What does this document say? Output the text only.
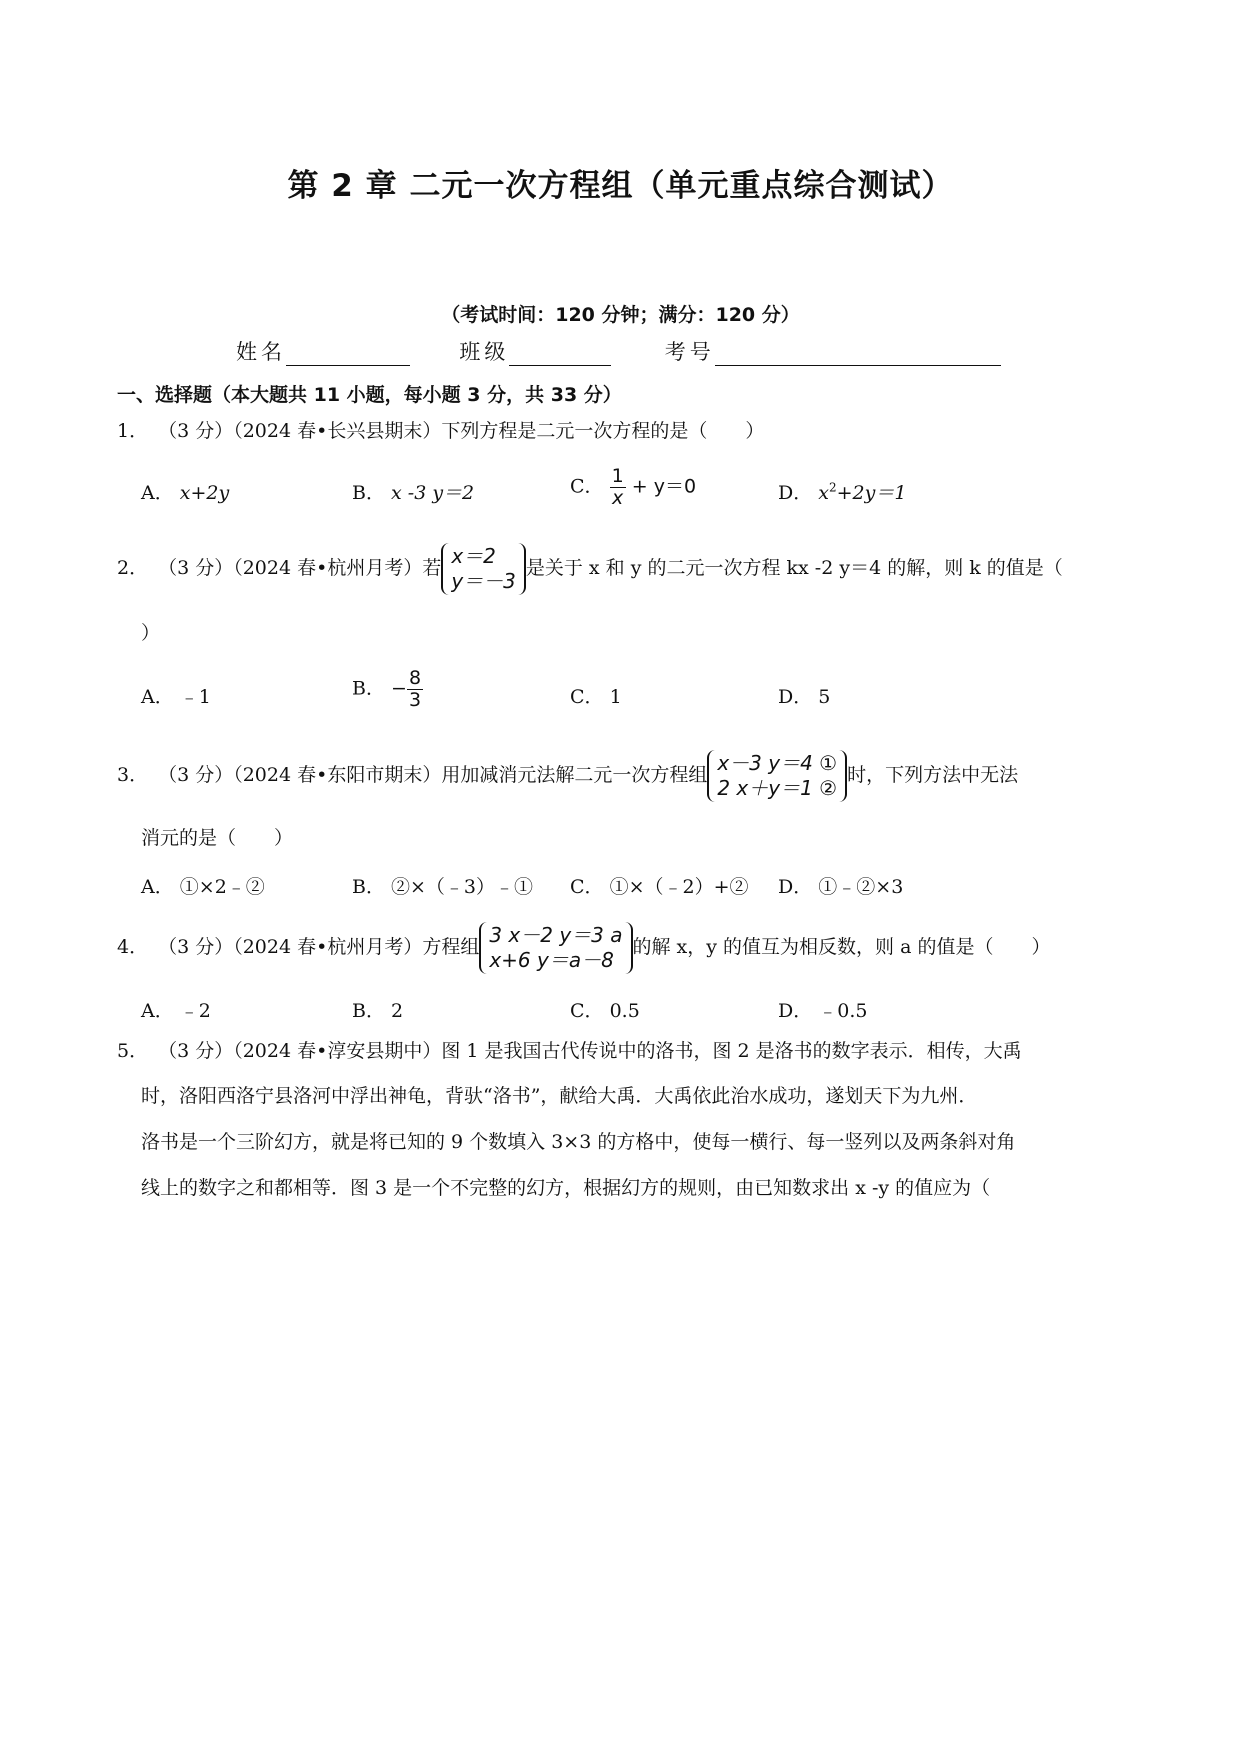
第 2 章 二元一次方程组（单元重点综合测试）
（考试时间：120 分钟；满分：120 分）
姓名	班级	考号
一、选择题（本大题共 11 小题，每小题 3 分，共 33 分）
1． （3 分）（2024 春•长兴县期末）下列方程是二元一次方程的是（　　）
A． x+2y	B． x ‑3 y＝2	C． $\frac{1}{x} + y=0$	D． $x^2+2y=1$
2． （3 分）（2024 春•杭州月考）若 x＝2
y＝－3
是关于 x 和 y 的二元一次方程 kx ‑2 y＝4 的解，则 k 的值是（
）
A． ﹣1	B． − $\frac{8}{3}$	C． 1	D． 5
3． （3 分）（2024 春•东阳市期末）用加减消元法解二元一次方程组 x－3 y＝4 ①
2 x＋y＝1 ②
时，下列方法中无法
消元的是（　　）
A． ①×2﹣②	B． ②×（﹣3）﹣① C． ①×（﹣2）+② D． ①﹣②×3
4． （3 分）（2024 春•杭州月考）方程组 3 x－2 y＝3 a
x+6 y＝a－8
的解 x，y 的值互为相反数，则 a 的值是（　　）
A． ﹣2	B． 2	C． 0.5	D． ﹣0.5
5． （3 分）（2024 春•淳安县期中）图 1 是我国古代传说中的洛书，图 2 是洛书的数字表示．相传，大禹
时，洛阳西洛宁县洛河中浮出神龟，背驮“洛书”，献给大禹．大禹依此治水成功，遂划天下为九州．
洛书是一个三阶幻方，就是将已知的 9 个数填入 3×3 的方格中，使每一横行、每一竖列以及两条斜对角
线上的数字之和都相等．图 3 是一个不完整的幻方，根据幻方的规则，由已知数求出 x ‑y 的值应为（
